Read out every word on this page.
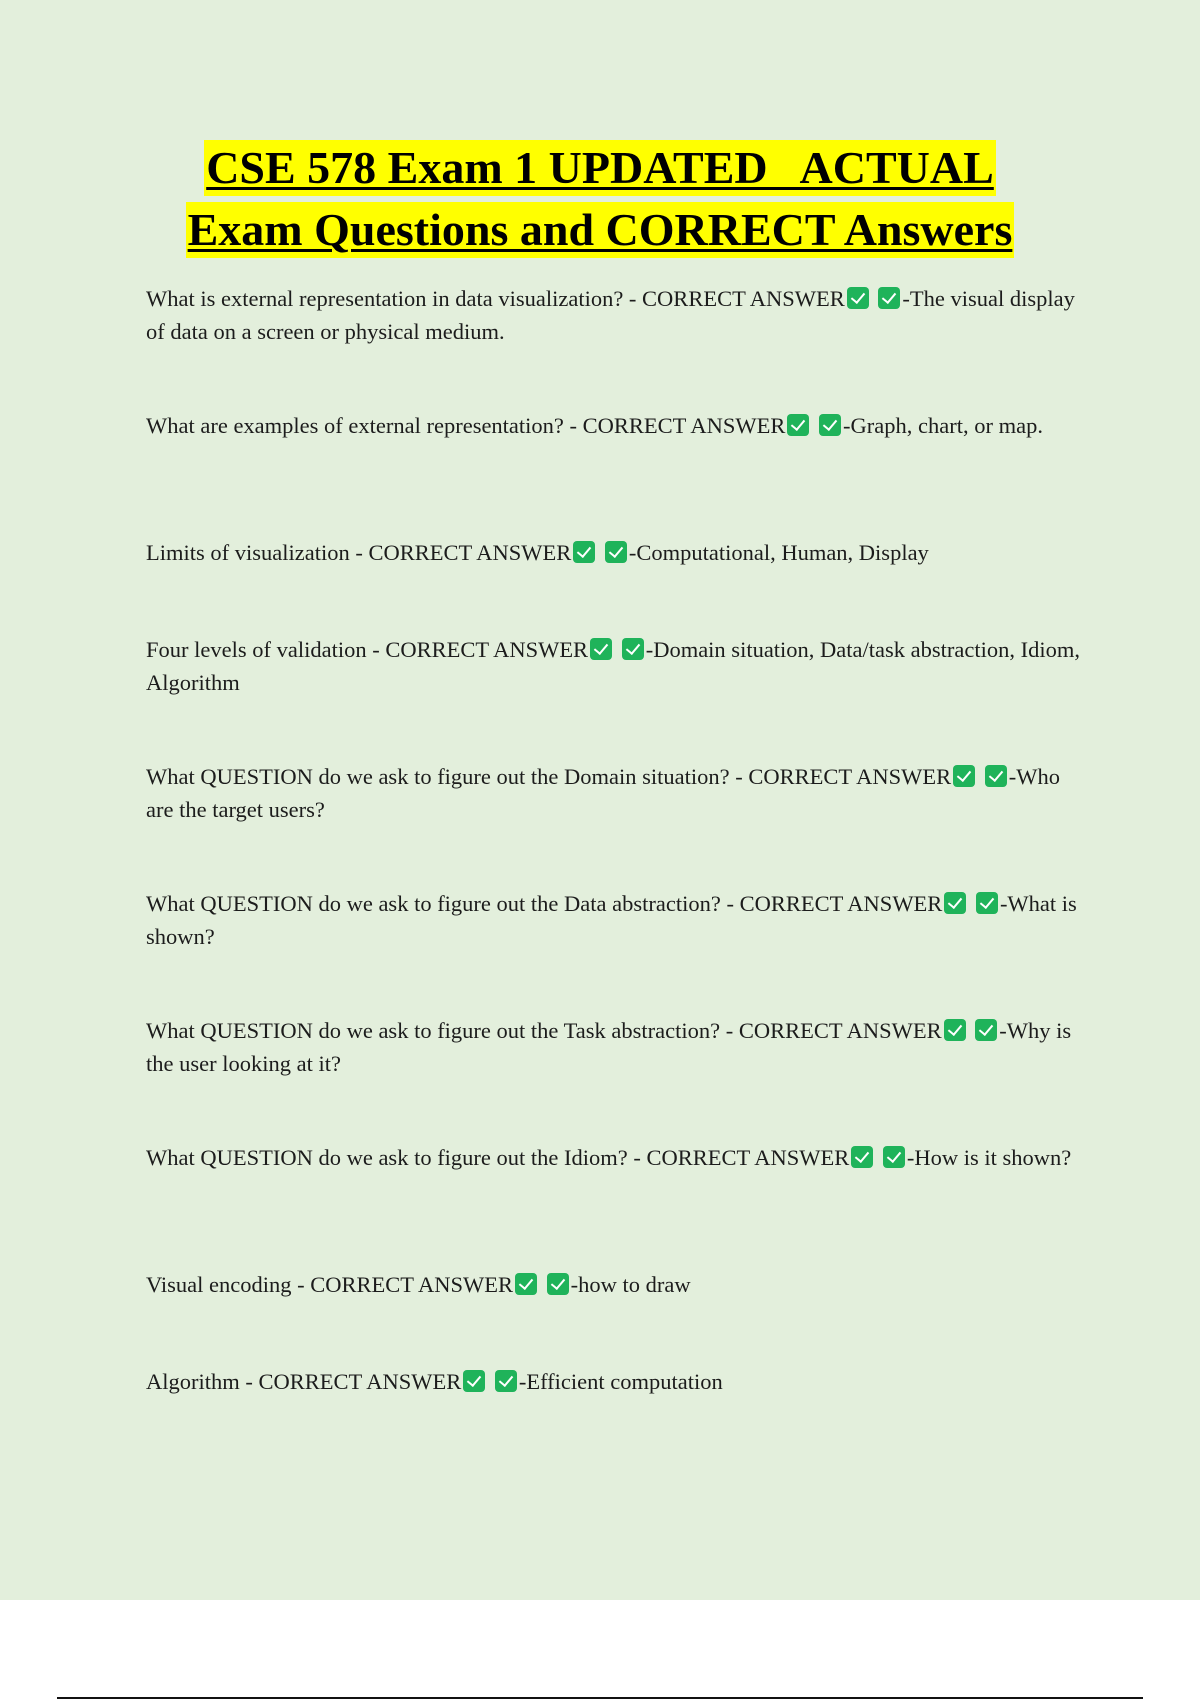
CSE 578 Exam 1 UPDATED   ACTUAL
Exam Questions and CORRECT Answers
What is external representation in data visualization? - CORRECT ANSWER	-The visual display of data on a screen or physical medium.
What are examples of external representation? - CORRECT ANSWER	-Graph, chart, or map.
Limits of visualization - CORRECT ANSWER	-Computational, Human, Display
Four levels of validation - CORRECT ANSWER	-Domain situation, Data/task abstraction, Idiom, Algorithm
What QUESTION do we ask to figure out the Domain situation? - CORRECT ANSWER	-Who are the target users?
What QUESTION do we ask to figure out the Data abstraction? - CORRECT ANSWER	-What is shown?
What QUESTION do we ask to figure out the Task abstraction? - CORRECT ANSWER	-Why is the user looking at it?
What QUESTION do we ask to figure out the Idiom? - CORRECT ANSWER	-How is it shown?
Visual encoding - CORRECT ANSWER	-how to draw
Algorithm - CORRECT ANSWER	-Efficient computation
